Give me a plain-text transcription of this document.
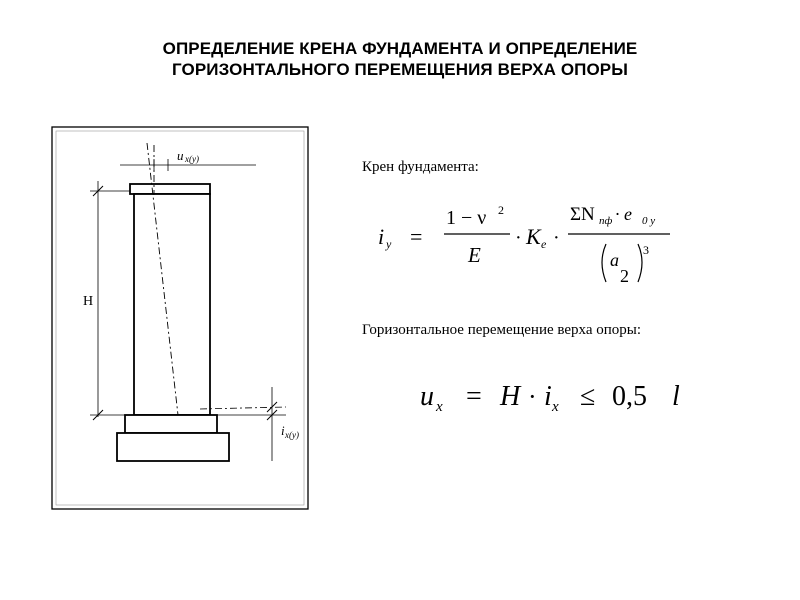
ОПРЕДЕЛЕНИЕ КРЕНА ФУНДАМЕНТА И ОПРЕДЕЛЕНИЕ
ГОРИЗОНТАЛЬНОГО ПЕРЕМЕЩЕНИЯ ВЕРХА ОПОРЫ
Н
u x(y)
i x(y)
Крен фундамента:
i y =
1 − ν 2
E
· K e ·
ΣN пф · e 0 y
a
2
3
Горизонтальное перемещение верха опоры:
u x = H · i x ≤ 0,5 l
